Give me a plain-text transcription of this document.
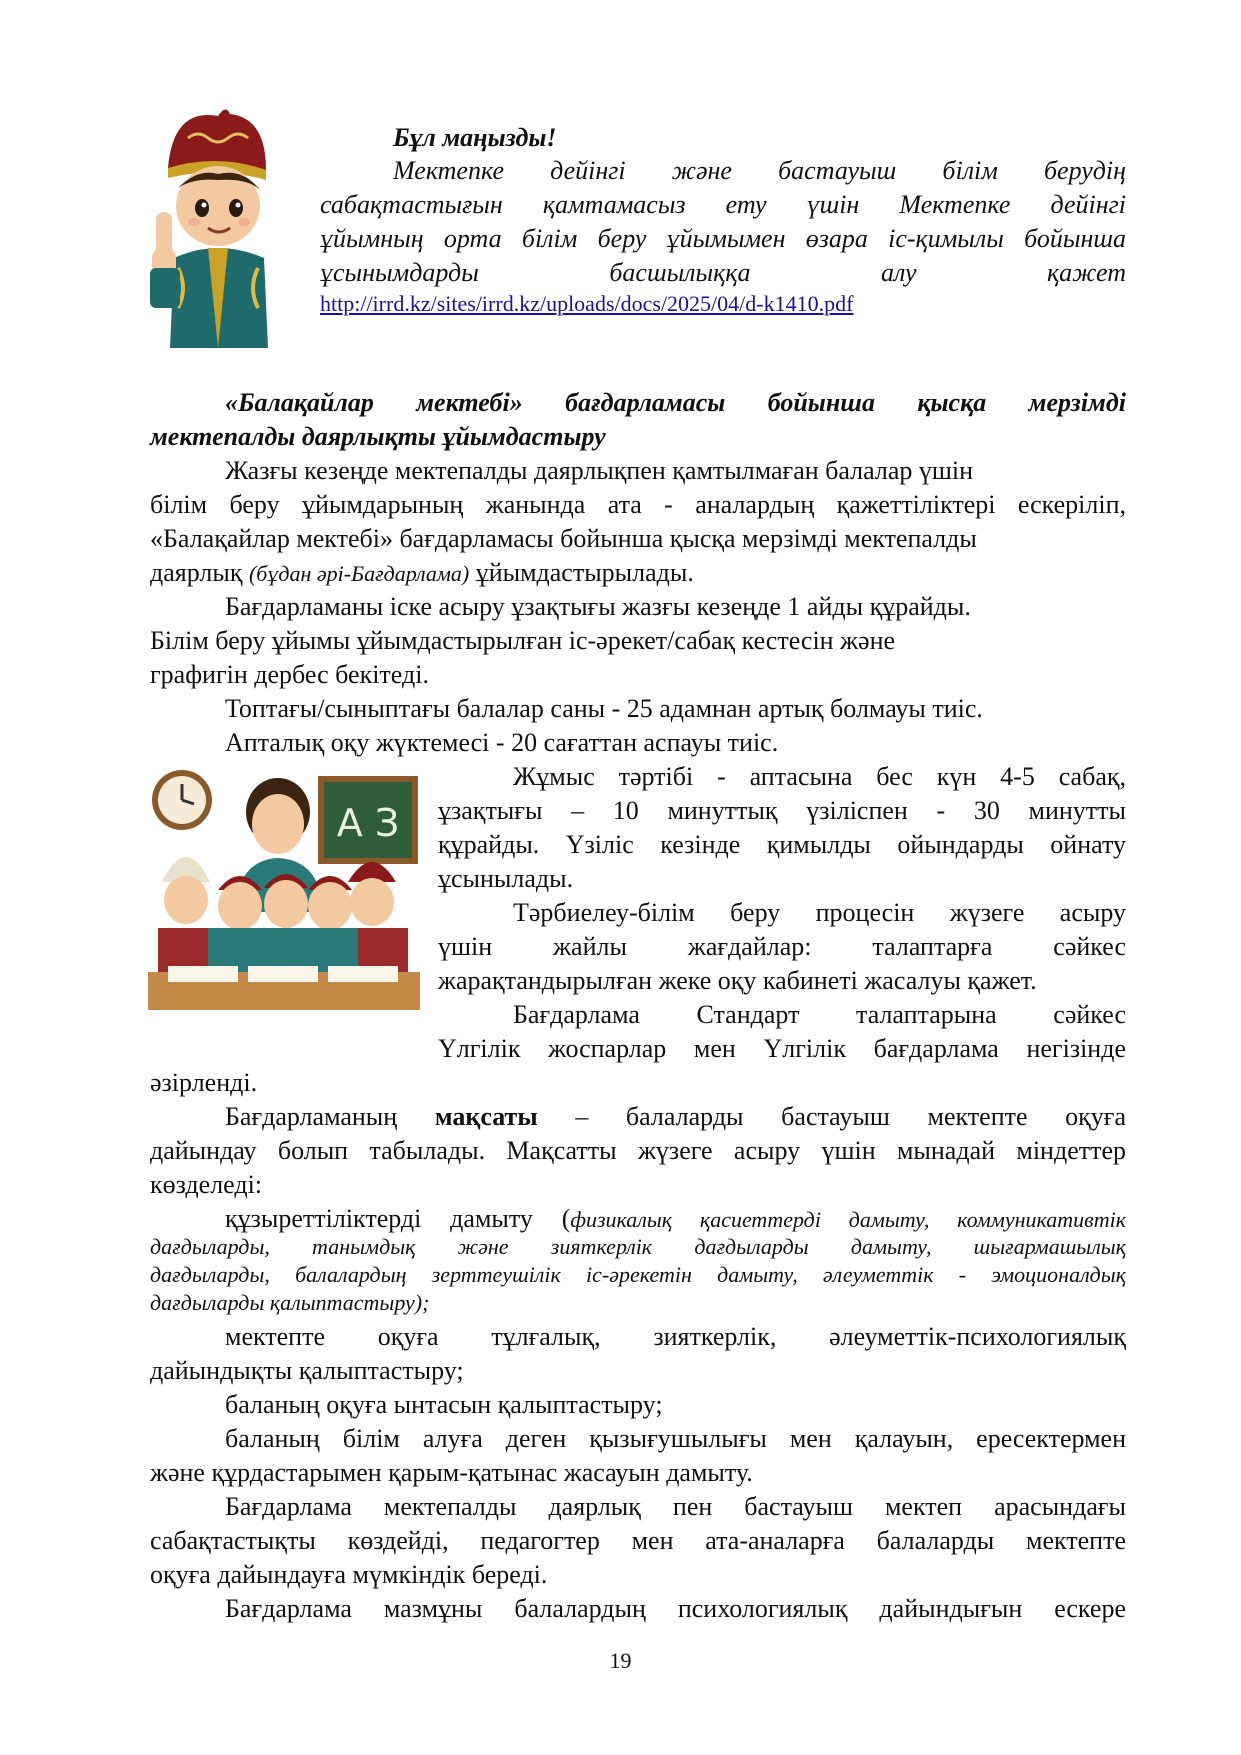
Бұл маңызды!
Мектепке дейінгі және бастауыш білім берудің
сабақтастығын қамтамасыз ету үшін Мектепке дейінгі
ұйымның орта білім беру ұйымымен өзара іс-қимылы бойынша
ұсынымдарды басшылыққа алу қажет
http://irrd.kz/sites/irrd.kz/uploads/docs/2025/04/d-k1410.pdf
«Балақайлар мектебі» бағдарламасы бойынша қысқа мерзімді
мектепалды даярлықты ұйымдастыру
Жазғы кезеңде мектепалды даярлықпен қамтылмаған балалар үшін
білім беру ұйымдарының жанында ата - аналардың қажеттіліктері ескеріліп,
«Балақайлар мектебі» бағдарламасы бойынша қысқа мерзімді мектепалды
даярлық (бұдан әрі-Бағдарлама) ұйымдастырылады.
Бағдарламаны іске асыру ұзақтығы жазғы кезеңде 1 айды құрайды.
Білім беру ұйымы ұйымдастырылған іс-әрекет/сабақ кестесін және
графигін дербес бекітеді.
Топтағы/сыныптағы балалар саны - 25 адамнан артық болмауы тиіс.
Апталық оқу жүктемесі - 20 сағаттан аспауы тиіс.
А З
Жұмыс тәртібі - аптасына бес күн 4-5 сабақ,
ұзақтығы – 10 минуттық үзіліспен - 30 минутты
құрайды. Үзіліс кезінде қимылды ойындарды ойнату
ұсынылады.
Тәрбиелеу-білім беру процесін жүзеге асыру
үшін жайлы жағдайлар: талаптарға сәйкес
жарақтандырылған жеке оқу кабинеті жасалуы қажет.
Бағдарлама Стандарт талаптарына сәйкес
Үлгілік жоспарлар мен Үлгілік бағдарлама негізінде
әзірленді.
Бағдарламаның мақсаты – балаларды бастауыш мектепте оқуға
дайындау болып табылады. Мақсатты жүзеге асыру үшін мынадай міндеттер
көзделеді:
құзыреттіліктерді дамыту (физикалық қасиеттерді дамыту, коммуникативтік
дағдыларды, танымдық және зияткерлік дағдыларды дамыту, шығармашылық
дағдыларды, балалардың зерттеушілік іс-әрекетін дамыту, әлеуметтік - эмоционалдық
дағдыларды қалыптастыру);
мектепте оқуға тұлғалық, зияткерлік, әлеуметтік-психологиялық
дайындықты қалыптастыру;
баланың оқуға ынтасын қалыптастыру;
баланың білім алуға деген қызығушылығы мен қалауын, ересектермен
және құрдастарымен қарым-қатынас жасауын дамыту.
Бағдарлама мектепалды даярлық пен бастауыш мектеп арасындағы
сабақтастықты көздейді, педагогтер мен ата-аналарға балаларды мектепте
оқуға дайындауға мүмкіндік береді.
Бағдарлама мазмұны балалардың психологиялық дайындығын ескере
19
